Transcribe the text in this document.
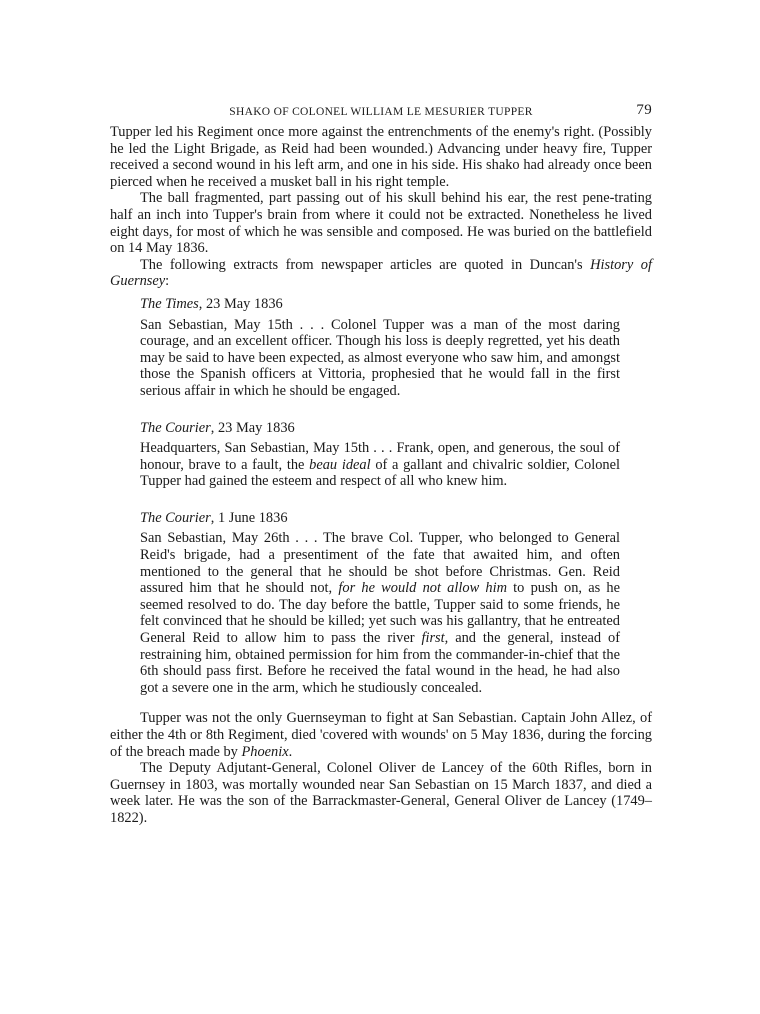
SHAKO OF COLONEL WILLIAM LE MESURIER TUPPER	79

Tupper led his Regiment once more against the entrenchments of the enemy's right. (Possibly he led the Light Brigade, as Reid had been wounded.) Advancing under heavy fire, Tupper received a second wound in his left arm, and one in his side. His shako had already once been pierced when he received a musket ball in his right temple.

The ball fragmented, part passing out of his skull behind his ear, the rest pene-trating half an inch into Tupper's brain from where it could not be extracted. Nonetheless he lived eight days, for most of which he was sensible and composed. He was buried on the battlefield on 14 May 1836.

The following extracts from newspaper articles are quoted in Duncan's History of Guernsey:

The Times, 23 May 1836

San Sebastian, May 15th . . . Colonel Tupper was a man of the most daring courage, and an excellent officer. Though his loss is deeply regretted, yet his death may be said to have been expected, as almost everyone who saw him, and amongst those the Spanish officers at Vittoria, prophesied that he would fall in the first serious affair in which he should be engaged.

The Courier, 23 May 1836

Headquarters, San Sebastian, May 15th . . . Frank, open, and generous, the soul of honour, brave to a fault, the beau ideal of a gallant and chivalric soldier, Colonel Tupper had gained the esteem and respect of all who knew him.

The Courier, 1 June 1836

San Sebastian, May 26th . . . The brave Col. Tupper, who belonged to General Reid's brigade, had a presentiment of the fate that awaited him, and often mentioned to the general that he should be shot before Christmas. Gen. Reid assured him that he should not, for he would not allow him to push on, as he seemed resolved to do. The day before the battle, Tupper said to some friends, he felt convinced that he should be killed; yet such was his gallantry, that he entreated General Reid to allow him to pass the river first, and the general, instead of restraining him, obtained permission for him from the commander-in-chief that the 6th should pass first. Before he received the fatal wound in the head, he had also got a severe one in the arm, which he studiously concealed.

Tupper was not the only Guernseyman to fight at San Sebastian. Captain John Allez, of either the 4th or 8th Regiment, died 'covered with wounds' on 5 May 1836, during the forcing of the breach made by Phoenix.

The Deputy Adjutant-General, Colonel Oliver de Lancey of the 60th Rifles, born in Guernsey in 1803, was mortally wounded near San Sebastian on 15 March 1837, and died a week later. He was the son of the Barrackmaster-General, General Oliver de Lancey (1749–1822).
